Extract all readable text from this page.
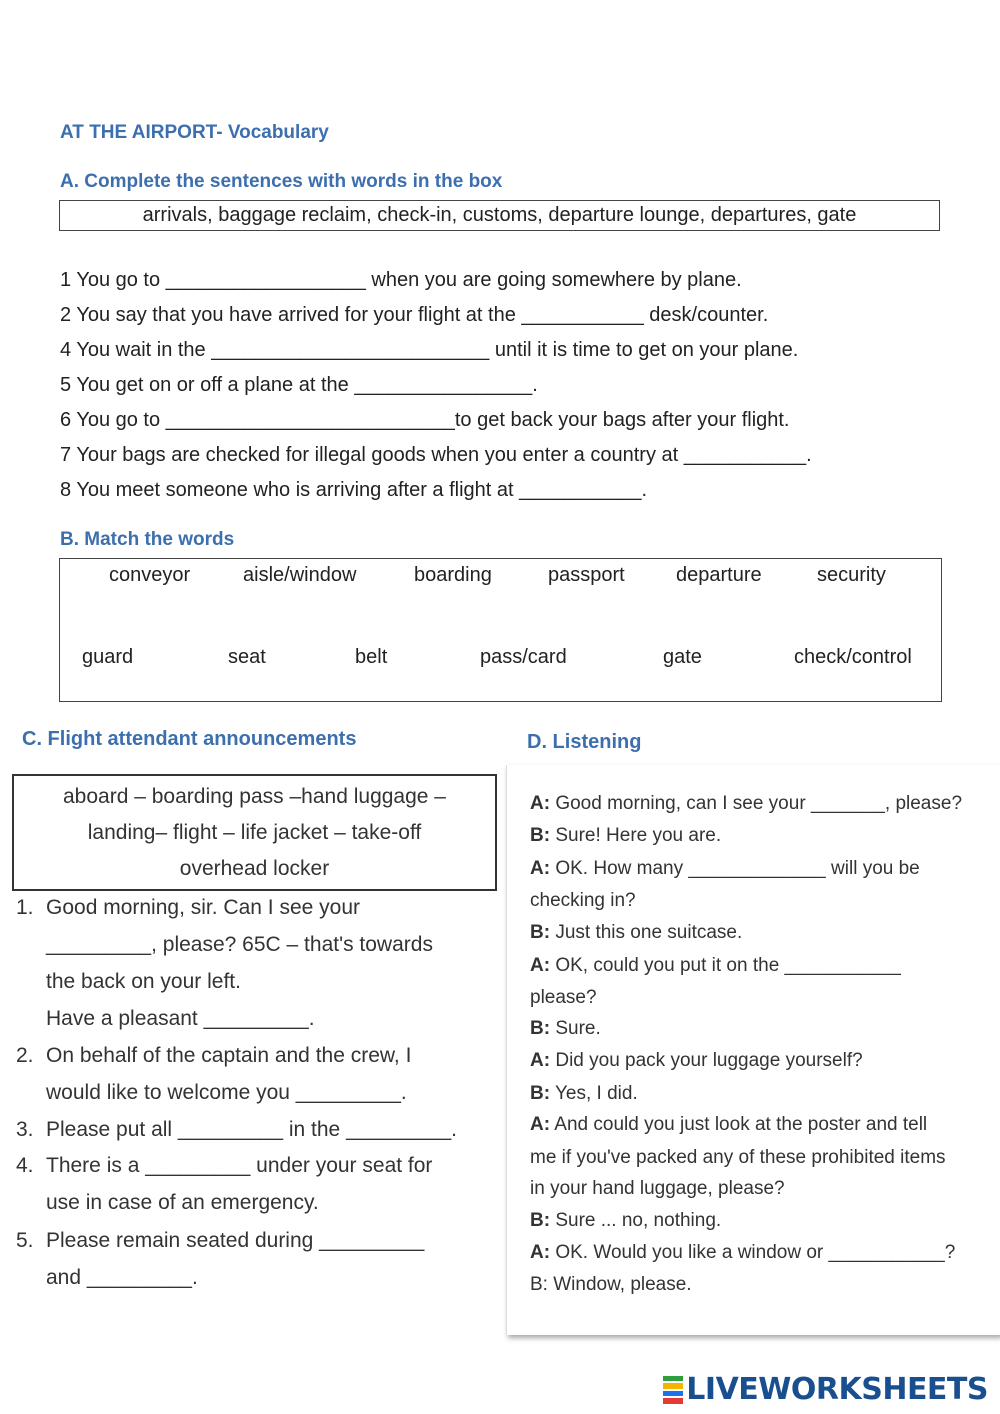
AT THE AIRPORT- Vocabulary
A. Complete the sentences with words in the box
arrivals, baggage reclaim, check-in, customs, departure lounge, departures, gate
1 You go to __________________ when you are going somewhere by plane.
2 You say that you have arrived for your flight at the ___________ desk/counter.
4 You wait in the _________________________ until it is time to get on your plane.
5 You get on or off a plane at the ________________.
6 You go to __________________________to get back your bags after your flight.
7 Your bags are checked for illegal goods when you enter a country at ___________.
8 You meet someone who is arriving after a flight at ___________.
B. Match the words
conveyor	aisle/window	boarding	passport	departure	security
guard	seat	belt	pass/card	gate	check/control
C. Flight attendant announcements
aboard – boarding pass –hand luggage –
landing– flight – life jacket – take-off
overhead locker
1. Good morning, sir. Can I see your
_________, please? 65C – that's towards
the back on your left.
Have a pleasant _________.
2. On behalf of the captain and the crew, I
would like to welcome you _________.
3. Please put all _________ in the _________.
4. There is a _________ under your seat for
use in case of an emergency.
5. Please remain seated during _________
and _________.
D. Listening
A: Good morning, can I see your _______, please?
B: Sure! Here you are.
A: OK. How many _____________ will you be
checking in?
B: Just this one suitcase.
A: OK, could you put it on the ___________
please?
B: Sure.
A: Did you pack your luggage yourself?
B: Yes, I did.
A: And could you just look at the poster and tell
me if you've packed any of these prohibited items
in your hand luggage, please?
B: Sure ... no, nothing.
A: OK. Would you like a window or ___________?
B: Window, please.
LIVEWORKSHEETS
